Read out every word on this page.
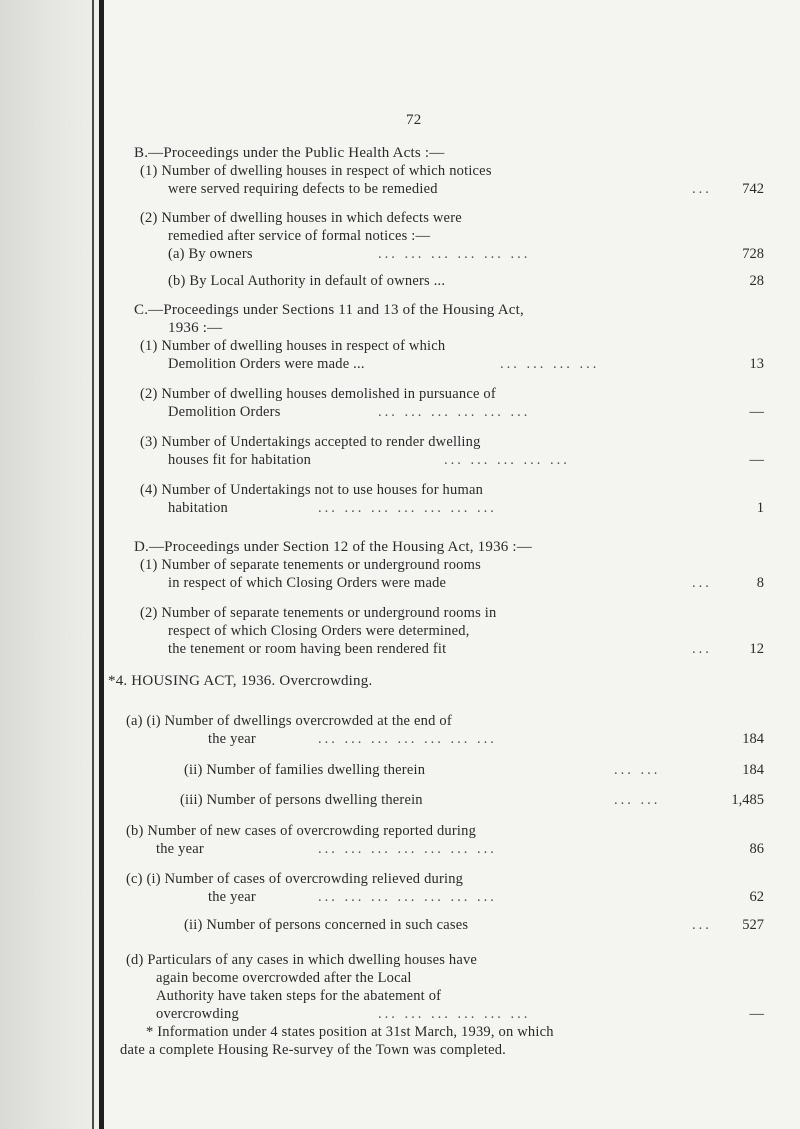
72
B.—Proceedings under the Public Health Acts :—
(1) Number of dwelling houses in respect of which notices
were served requiring defects to be remedied	... 742
(2) Number of dwelling houses in which defects were
remedied after service of formal notices :—
(a) By owners	... ... ... ... ... ...	728
(b) By Local Authority in default of owners ...	28
C.—Proceedings under Sections 11 and 13 of the Housing Act,
1936 :—
(1) Number of dwelling houses in respect of which
Demolition Orders were made ...	... ... ... ...	13
(2) Number of dwelling houses demolished in pursuance of
Demolition Orders	... ... ... ... ... ...	—
(3) Number of Undertakings accepted to render dwelling
houses fit for habitation	... ... ... ... ...	—
(4) Number of Undertakings not to use houses for human
habitation	... ... ... ... ... ... ...	1
D.—Proceedings under Section 12 of the Housing Act, 1936 :—
(1) Number of separate tenements or underground rooms
in respect of which Closing Orders were made	...	8
(2) Number of separate tenements or underground rooms in
respect of which Closing Orders were determined,
the tenement or room having been rendered fit	...	12
*4. HOUSING ACT, 1936. Overcrowding.
(a) (i) Number of dwellings overcrowded at the end of
the year	... ... ... ... ... ... ...	184
(ii) Number of families dwelling therein	... ...	184
(iii) Number of persons dwelling therein	... ...	1,485
(b) Number of new cases of overcrowding reported during
the year	... ... ... ... ... ... ...	86
(c) (i) Number of cases of overcrowding relieved during
the year	... ... ... ... ... ... ...	62
(ii) Number of persons concerned in such cases	... 527
(d) Particulars of any cases in which dwelling houses have
again become overcrowded after the Local
Authority have taken steps for the abatement of
overcrowding	... ... ... ... ... ...	—
* Information under 4 states position at 31st March, 1939, on which
date a complete Housing Re-survey of the Town was completed.
